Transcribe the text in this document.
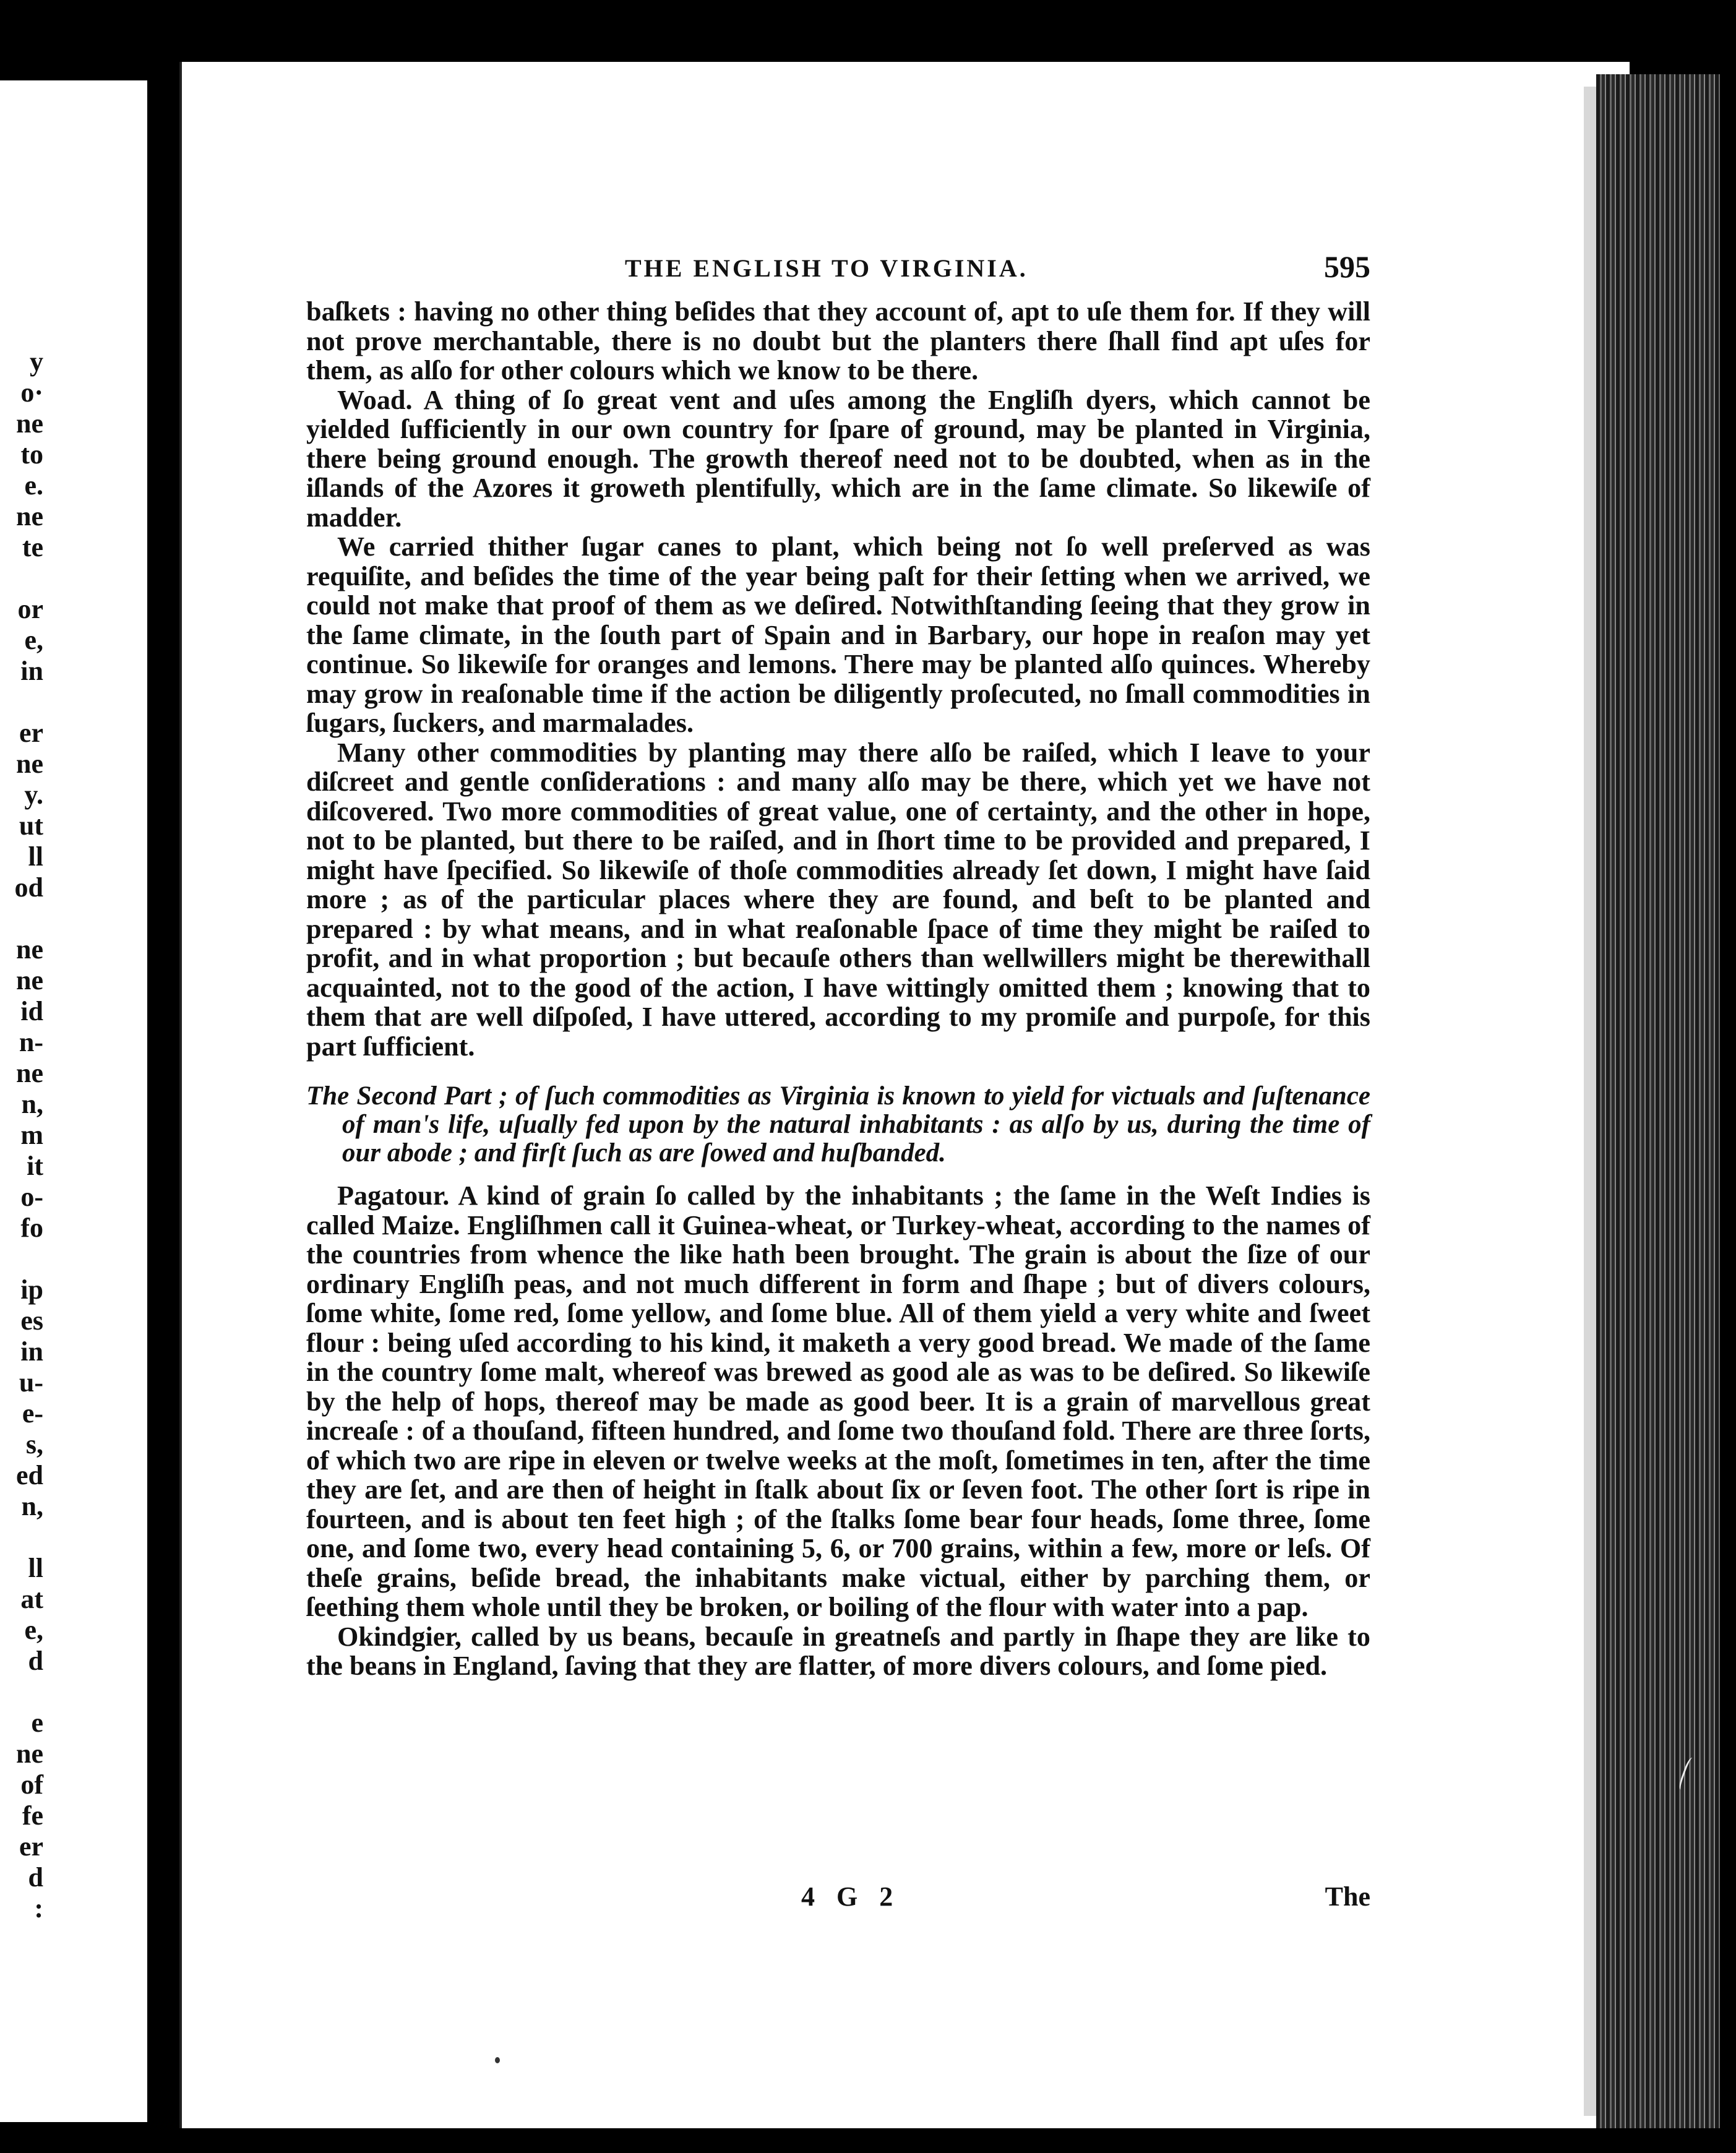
y
o·
ne
to
e.
ne
te
or
e,
in
er
ne
y.
ut
ll
od
ne
ne
id
n-
ne
n,
m
it
o-
fo
ip
es
in
u-
e-
s,
ed
n,
ll
at
e,
d
e
ne
of
fe
er
d
:
THE ENGLISH TO VIRGINIA.	595

baſkets : having no other thing beſides that they account of, apt to uſe them for. If they will not prove merchantable, there is no doubt but the planters there ſhall find apt uſes for them, as alſo for other colours which we know to be there.

Woad. A thing of ſo great vent and uſes among the Engliſh dyers, which cannot be yielded ſufficiently in our own country for ſpare of ground, may be planted in Virginia, there being ground enough. The growth thereof need not to be doubted, when as in the iſlands of the Azores it groweth plentifully, which are in the ſame climate. So likewiſe of madder.

We carried thither ſugar canes to plant, which being not ſo well preſerved as was requiſite, and beſides the time of the year being paſt for their ſetting when we arrived, we could not make that proof of them as we deſired. Notwithſtanding ſeeing that they grow in the ſame climate, in the ſouth part of Spain and in Barbary, our hope in reaſon may yet continue. So likewiſe for oranges and lemons. There may be planted alſo quinces. Whereby may grow in reaſonable time if the action be diligently proſecuted, no ſmall commodities in ſugars, ſuckers, and marmalades.

Many other commodities by planting may there alſo be raiſed, which I leave to your diſcreet and gentle conſiderations : and many alſo may be there, which yet we have not diſcovered. Two more commodities of great value, one of certainty, and the other in hope, not to be planted, but there to be raiſed, and in ſhort time to be provided and prepared, I might have ſpecified. So likewiſe of thoſe commodities already ſet down, I might have ſaid more ; as of the particular places where they are found, and beſt to be planted and prepared : by what means, and in what reaſonable ſpace of time they might be raiſed to profit, and in what proportion ; but becauſe others than wellwillers might be therewithall acquainted, not to the good of the action, I have wittingly omitted them ; knowing that to them that are well diſpoſed, I have uttered, according to my promiſe and purpoſe, for this part ſufficient.

The Second Part ; of ſuch commodities as Virginia is known to yield for victuals and ſuſtenance of man's life, uſually fed upon by the natural inhabitants : as alſo by us, during the time of our abode ; and firſt ſuch as are ſowed and huſbanded.

Pagatour. A kind of grain ſo called by the inhabitants ; the ſame in the Weſt Indies is called Maize. Engliſhmen call it Guinea-wheat, or Turkey-wheat, according to the names of the countries from whence the like hath been brought. The grain is about the ſize of our ordinary Engliſh peas, and not much different in form and ſhape ; but of divers colours, ſome white, ſome red, ſome yellow, and ſome blue. All of them yield a very white and ſweet flour : being uſed according to his kind, it maketh a very good bread. We made of the ſame in the country ſome malt, whereof was brewed as good ale as was to be deſired. So likewiſe by the help of hops, thereof may be made as good beer. It is a grain of marvellous great increaſe : of a thouſand, fifteen hundred, and ſome two thouſand fold. There are three ſorts, of which two are ripe in eleven or twelve weeks at the moſt, ſometimes in ten, after the time they are ſet, and are then of height in ſtalk about ſix or ſeven foot. The other ſort is ripe in fourteen, and is about ten feet high ; of the ſtalks ſome bear four heads, ſome three, ſome one, and ſome two, every head containing 5, 6, or 700 grains, within a few, more or leſs. Of theſe grains, beſide bread, the inhabitants make victual, either by parching them, or ſeething them whole until they be broken, or boiling of the flour with water into a pap.

Okindgier, called by us beans, becauſe in greatneſs and partly in ſhape they are like to the beans in England, ſaving that they are flatter, of more divers colours, and ſome pied.

4 G 2	The
